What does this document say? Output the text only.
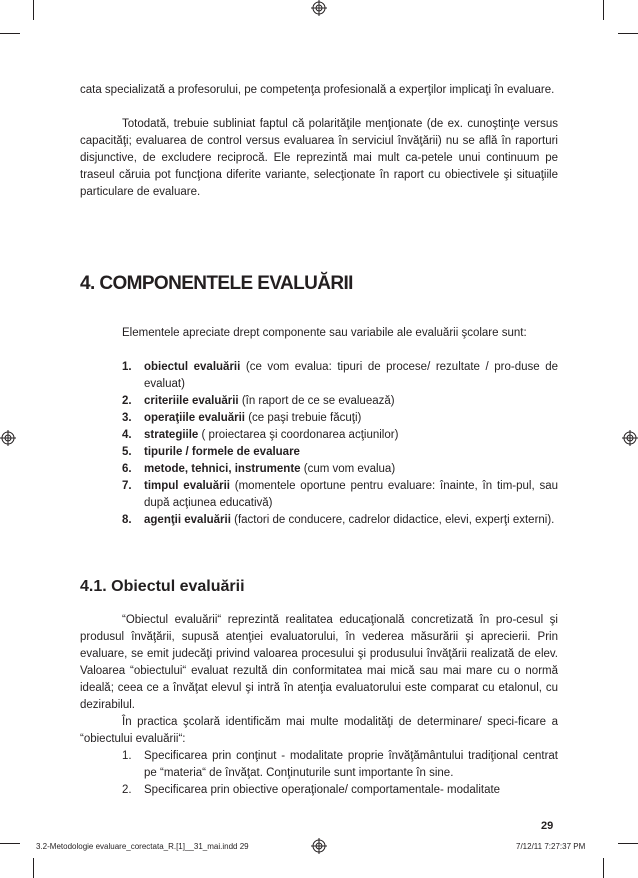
cata specializată a profesorului, pe competenţa profesională a experţilor implicaţi în evaluare.

Totodată, trebuie subliniat faptul că polarităţile menţionate (de ex. cunoştinţe versus capacităţi; evaluarea de control versus evaluarea în serviciul învăţării) nu se află în raporturi disjunctive, de excludere reciprocă. Ele reprezintă mai mult ca-petele unui continuum pe traseul căruia pot funcţiona diferite variante, selecţionate în raport cu obiectivele şi situaţiile particulare de evaluare.

4. COMPONENTELE EVALUĂRII

Elementele apreciate drept componente sau variabile ale evaluării şcolare sunt:

1. obiectul evaluării (ce vom evalua: tipuri de procese/ rezultate / pro-duse de evaluat)
2. criteriile evaluării (în raport de ce se evaluează)
3. operaţiile evaluării (ce paşi trebuie făcuţi)
4. strategiile ( proiectarea şi coordonarea acţiunilor)
5. tipurile / formele de evaluare
6. metode, tehnici, instrumente (cum vom evalua)
7. timpul evaluării (momentele oportune pentru evaluare: înainte, în tim-pul, sau după acţiunea educativă)
8. agenţii evaluării (factori de conducere, cadrelor didactice, elevi, experţi externi).
4.1. Obiectul evaluării

“Obiectul evaluării“ reprezintă realitatea educaţională concretizată în pro-cesul şi produsul învăţării, supusă atenţiei evaluatorului, în vederea măsurării şi aprecierii. Prin evaluare, se emit judecăţi privind valoarea procesului şi produsului învăţării realizată de elev. Valoarea “obiectului“ evaluat rezultă din conformitatea mai mică sau mai mare cu o normă ideală; ceea ce a învăţat elevul şi intră în atenţia evaluatorului este comparat cu etalonul, cu dezirabilul.

În practica şcolară identificăm mai multe modalităţi de determinare/ speci-ficare a “obiectului evaluării“:

1. Specificarea prin conţinut - modalitate proprie învăţământului tradiţional centrat pe “materia“ de învăţat. Conţinuturile sunt importante în sine.
2. Specificarea prin obiective operaţionale/ comportamentale- modalitate
29
3.2-Metodologie evaluare_corectata_R.[1]__31_mai.indd 29	7/12/11 7:27:37 PM
